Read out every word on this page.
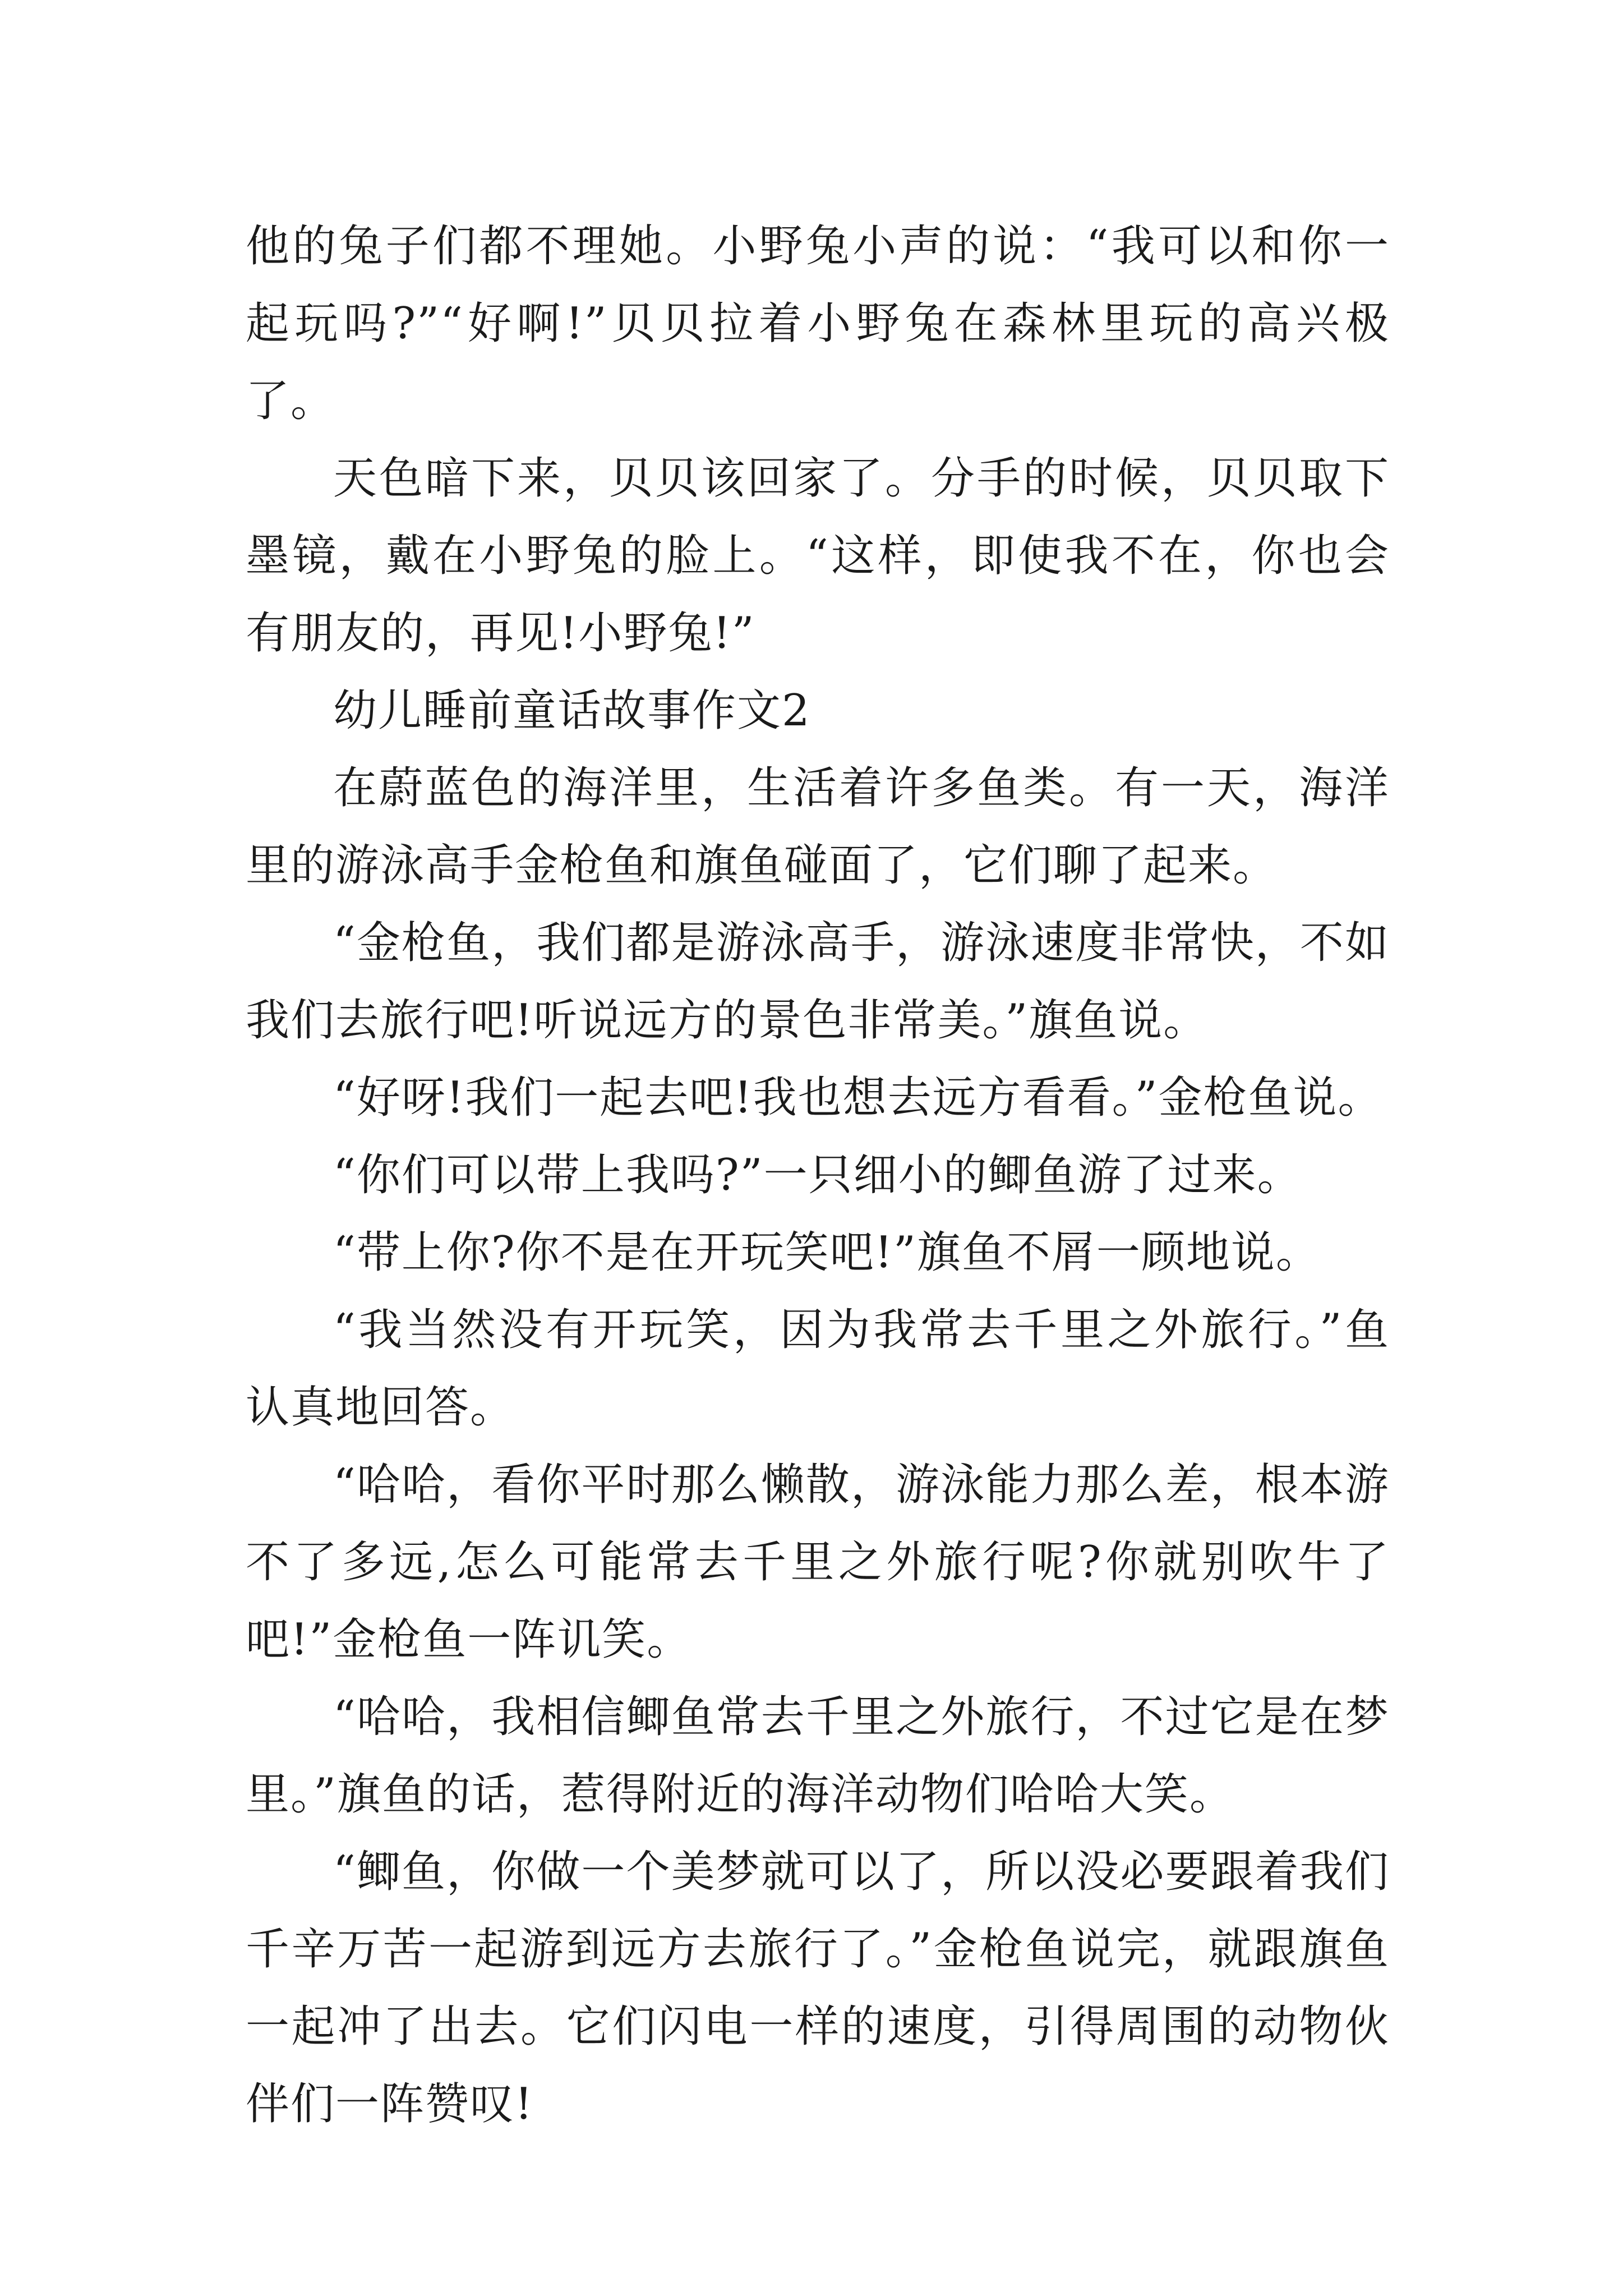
他的兔子们都不理她。小野兔小声的说：“我可以和你一起玩吗?”“好啊!”贝贝拉着小野兔在森林里玩的高兴极了。

天色暗下来，贝贝该回家了。分手的时候，贝贝取下墨镜，戴在小野兔的脸上。“这样，即使我不在，你也会有朋友的，再见!小野兔!”

幼儿睡前童话故事作文2

在蔚蓝色的海洋里，生活着许多鱼类。有一天，海洋里的游泳高手金枪鱼和旗鱼碰面了，它们聊了起来。

“金枪鱼，我们都是游泳高手，游泳速度非常快，不如我们去旅行吧!听说远方的景色非常美。”旗鱼说。

“好呀!我们一起去吧!我也想去远方看看。”金枪鱼说。

“你们可以带上我吗?”一只细小的鲫鱼游了过来。

“带上你?你不是在开玩笑吧!”旗鱼不屑一顾地说。

“我当然没有开玩笑，因为我常去千里之外旅行。”鱼认真地回答。

“哈哈，看你平时那么懒散，游泳能力那么差，根本游不了多远,怎么可能常去千里之外旅行呢?你就别吹牛了吧!”金枪鱼一阵讥笑。

“哈哈，我相信鲫鱼常去千里之外旅行，不过它是在梦里。”旗鱼的话，惹得附近的海洋动物们哈哈大笑。

“鲫鱼，你做一个美梦就可以了，所以没必要跟着我们千辛万苦一起游到远方去旅行了。”金枪鱼说完，就跟旗鱼一起冲了出去。它们闪电一样的速度，引得周围的动物伙伴们一阵赞叹!
